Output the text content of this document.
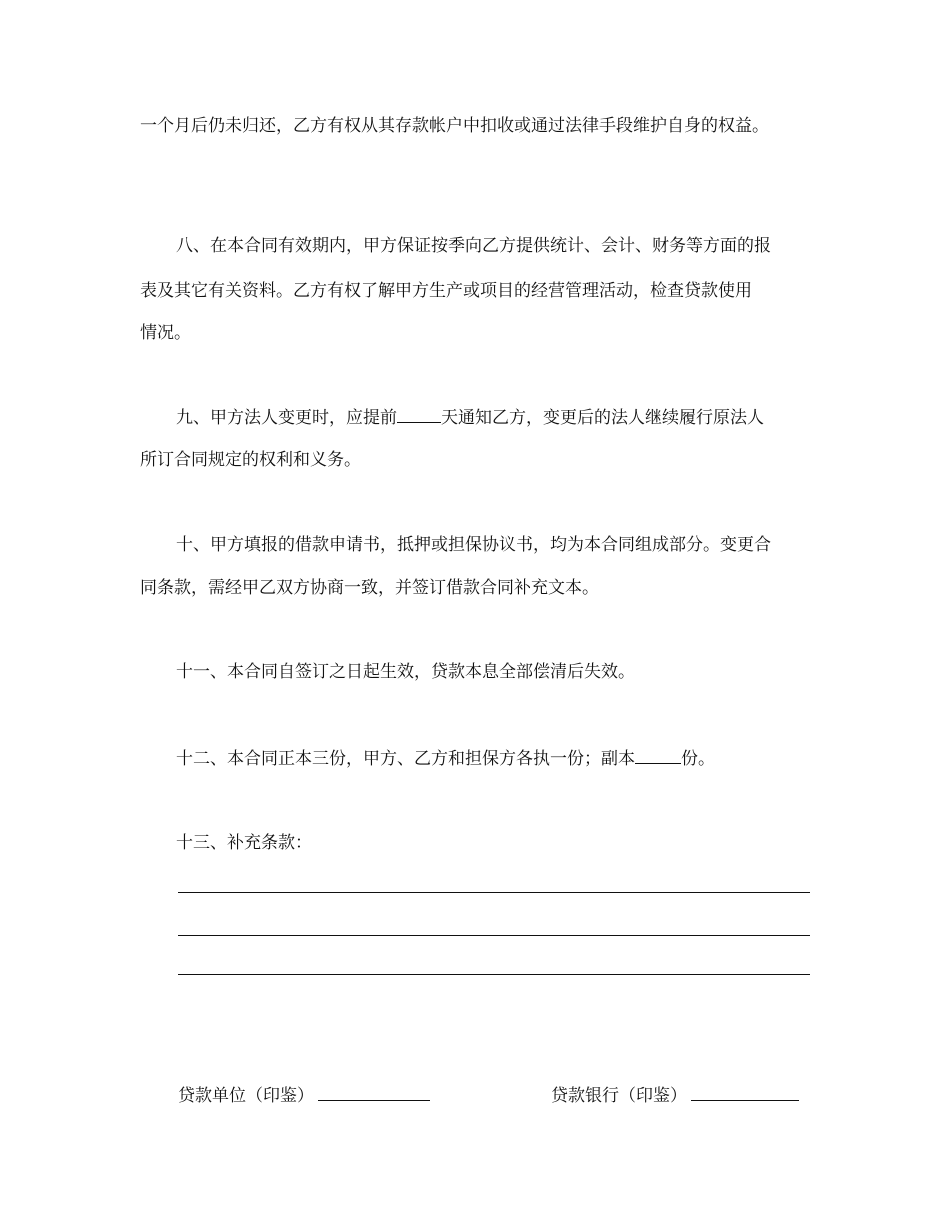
一个月后仍未归还，乙方有权从其存款帐户中扣收或通过法律手段维护自身的权益。
八、在本合同有效期内，甲方保证按季向乙方提供统计、会计、财务等方面的报
表及其它有关资料。乙方有权了解甲方生产或项目的经营管理活动，检查贷款使用
情况。
九、甲方法人变更时，应提前	天通知乙方，变更后的法人继续履行原法人
所订合同规定的权利和义务。
十、甲方填报的借款申请书，抵押或担保协议书，均为本合同组成部分。变更合
同条款，需经甲乙双方协商一致，并签订借款合同补充文本。
十一、本合同自签订之日起生效，贷款本息全部偿清后失效。
十二、本合同正本三份，甲方、乙方和担保方各执一份；副本	份。
十三、补充条款：
贷款单位（印鉴）	贷款银行（印鉴）
